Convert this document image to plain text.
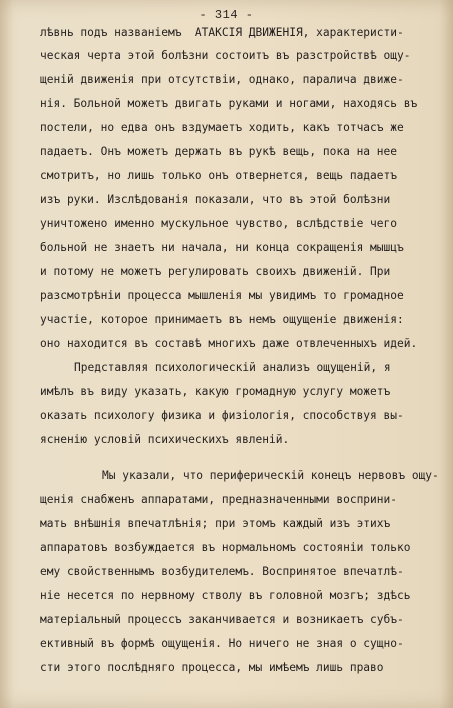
- 314 -

лѣвнь подъ названіемъ  АТАКСІЯ ДВИЖЕНІЯ, характеристи-

ческая черта этой болѣзни состоитъ въ разстройствѣ ощу-

щеній движенія при отсутствіи, однако, паралича движе-

нія. Больной можетъ двигать руками и ногами, находясь въ

постели, но едва онъ вздумаетъ ходить, какъ тотчасъ же

падаетъ. Онъ можетъ держать въ рукѣ вещь, пока на нее

смотритъ, но лишь только онъ отвернется, вещь падаетъ

изъ руки. Изслѣдованія показали, что въ этой болѣзни

уничтожено именно мускульное чувство, вслѣдствіе чего

больной не знаетъ ни начала, ни конца сокращенія мышцъ

и потому не можетъ регулировать своихъ движеній. При

разсмотрѣніи процесса мышленія мы увидимъ то громадное

участіе, которое принимаетъ въ немъ ощущеніе движенія:

оно находится въ составѣ многихъ даже отвлеченныхъ идей.

Представляя психологическій анализъ ощущеній, я

имѣлъ въ виду указать, какую громадную услугу можетъ

оказать психологу физика и физіологія, способствуя вы-

ясненію условій психическихъ явленій.

Мы указали, что периферическій конецъ нервовъ ощу-

щенія снабженъ аппаратами, предназначенными восприни-

мать внѣшнія впечатлѣнія; при этомъ каждый изъ этихъ

аппаратовъ возбуждается въ нормальномъ состояніи только

ему свойственнымъ возбудителемъ. Воспринятое впечатлѣ-

ніе несется по нервному стволу въ головной мозгъ; здѣсь

матеріальный процессъ заканчивается и возникаетъ субъ-

ективный въ формѣ ощущенія. Но ничего не зная о сущно-

сти этого послѣдняго процесса, мы имѣемъ лишь право
